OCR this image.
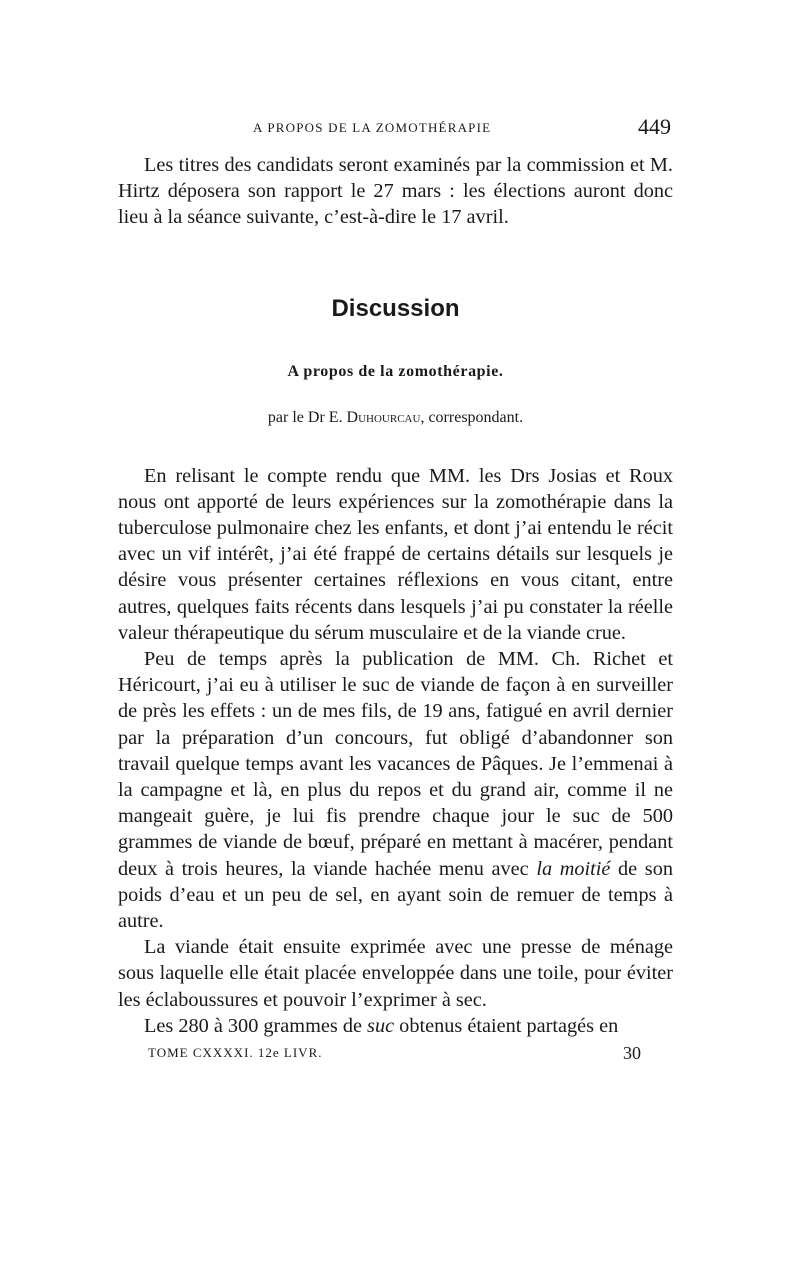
A PROPOS DE LA ZOMOTHÉRAPIE	449

Les titres des candidats seront examinés par la commission et M. Hirtz déposera son rapport le 27 mars : les élections auront donc lieu à la séance suivante, c’est-à-dire le 17 avril.

Discussion
A propos de la zomothérapie.
par le Dr E. Duhourcau, correspondant.

En relisant le compte rendu que MM. les Drs Josias et Roux nous ont apporté de leurs expériences sur la zomothérapie dans la tuberculose pulmonaire chez les enfants, et dont j’ai entendu le récit avec un vif intérêt, j’ai été frappé de certains détails sur lesquels je désire vous présenter certaines réflexions en vous citant, entre autres, quelques faits récents dans lesquels j’ai pu constater la réelle valeur thérapeutique du sérum musculaire et de la viande crue.

Peu de temps après la publication de MM. Ch. Richet et Héricourt, j’ai eu à utiliser le suc de viande de façon à en surveiller de près les effets : un de mes fils, de 19 ans, fatigué en avril dernier par la préparation d’un concours, fut obligé d’abandonner son travail quelque temps avant les vacances de Pâques. Je l’emmenai à la campagne et là, en plus du repos et du grand air, comme il ne mangeait guère, je lui fis prendre chaque jour le suc de 500 grammes de viande de bœuf, préparé en mettant à macérer, pendant deux à trois heures, la viande hachée menu avec la moitié de son poids d’eau et un peu de sel, en ayant soin de remuer de temps à autre.

La viande était ensuite exprimée avec une presse de ménage sous laquelle elle était placée enveloppée dans une toile, pour éviter les éclaboussures et pouvoir l’exprimer à sec.

Les 280 à 300 grammes de suc obtenus étaient partagés en

TOME CXXXXI. 12e LIVR.	30
